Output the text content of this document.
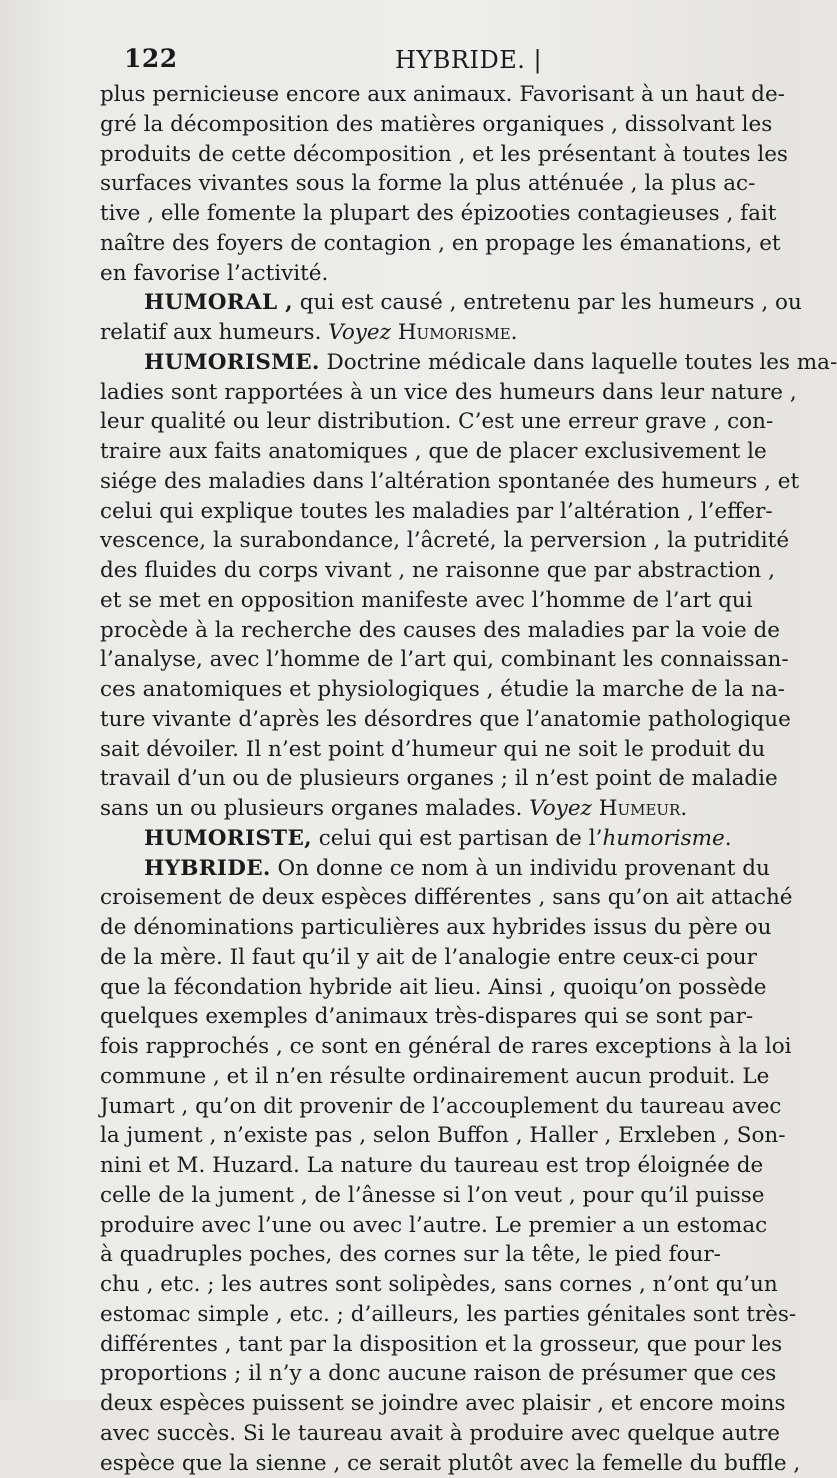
122	HYBRIDE. |
plus pernicieuse encore aux animaux. Favorisant à un haut de-
gré la décomposition des matières organiques , dissolvant les
produits de cette décomposition , et les présentant à toutes les
surfaces vivantes sous la forme la plus atténuée , la plus ac-
tive , elle fomente la plupart des épizooties contagieuses , fait
naître des foyers de contagion , en propage les émanations, et
en favorise l’activité.
HUMORAL , qui est causé , entretenu par les humeurs , ou
relatif aux humeurs. Voyez Humorisme.
HUMORISME. Doctrine médicale dans laquelle toutes les ma-
ladies sont rapportées à un vice des humeurs dans leur nature ,
leur qualité ou leur distribution. C’est une erreur grave , con-
traire aux faits anatomiques , que de placer exclusivement le
siége des maladies dans l’altération spontanée des humeurs , et
celui qui explique toutes les maladies par l’altération , l’effer-
vescence, la surabondance, l’âcreté, la perversion , la putridité
des fluides du corps vivant , ne raisonne que par abstraction ,
et se met en opposition manifeste avec l’homme de l’art qui
procède à la recherche des causes des maladies par la voie de
l’analyse, avec l’homme de l’art qui, combinant les connaissan-
ces anatomiques et physiologiques , étudie la marche de la na-
ture vivante d’après les désordres que l’anatomie pathologique
sait dévoiler. Il n’est point d’humeur qui ne soit le produit du
travail d’un ou de plusieurs organes ; il n’est point de maladie
sans un ou plusieurs organes malades. Voyez Humeur.
HUMORISTE, celui qui est partisan de l’humorisme.
HYBRIDE. On donne ce nom à un individu provenant du
croisement de deux espèces différentes , sans qu’on ait attaché
de dénominations particulières aux hybrides issus du père ou
de la mère. Il faut qu’il y ait de l’analogie entre ceux-ci pour
que la fécondation hybride ait lieu. Ainsi , quoiqu’on possède
quelques exemples d’animaux très-dispares qui se sont par-
fois rapprochés , ce sont en général de rares exceptions à la loi
commune , et il n’en résulte ordinairement aucun produit. Le
Jumart , qu’on dit provenir de l’accouplement du taureau avec
la jument , n’existe pas , selon Buffon , Haller , Erxleben , Son-
nini et M. Huzard. La nature du taureau est trop éloignée de
celle de la jument , de l’ânesse si l’on veut , pour qu’il puisse
produire avec l’une ou avec l’autre. Le premier a un estomac
à quadruples poches, des cornes sur la tête, le pied four-
chu , etc. ; les autres sont solipèdes, sans cornes , n’ont qu’un
estomac simple , etc. ; d’ailleurs, les parties génitales sont très-
différentes , tant par la disposition et la grosseur, que pour les
proportions ; il n’y a donc aucune raison de présumer que ces
deux espèces puissent se joindre avec plaisir , et encore moins
avec succès. Si le taureau avait à produire avec quelque autre
espèce que la sienne , ce serait plutôt avec la femelle du buffle ,
